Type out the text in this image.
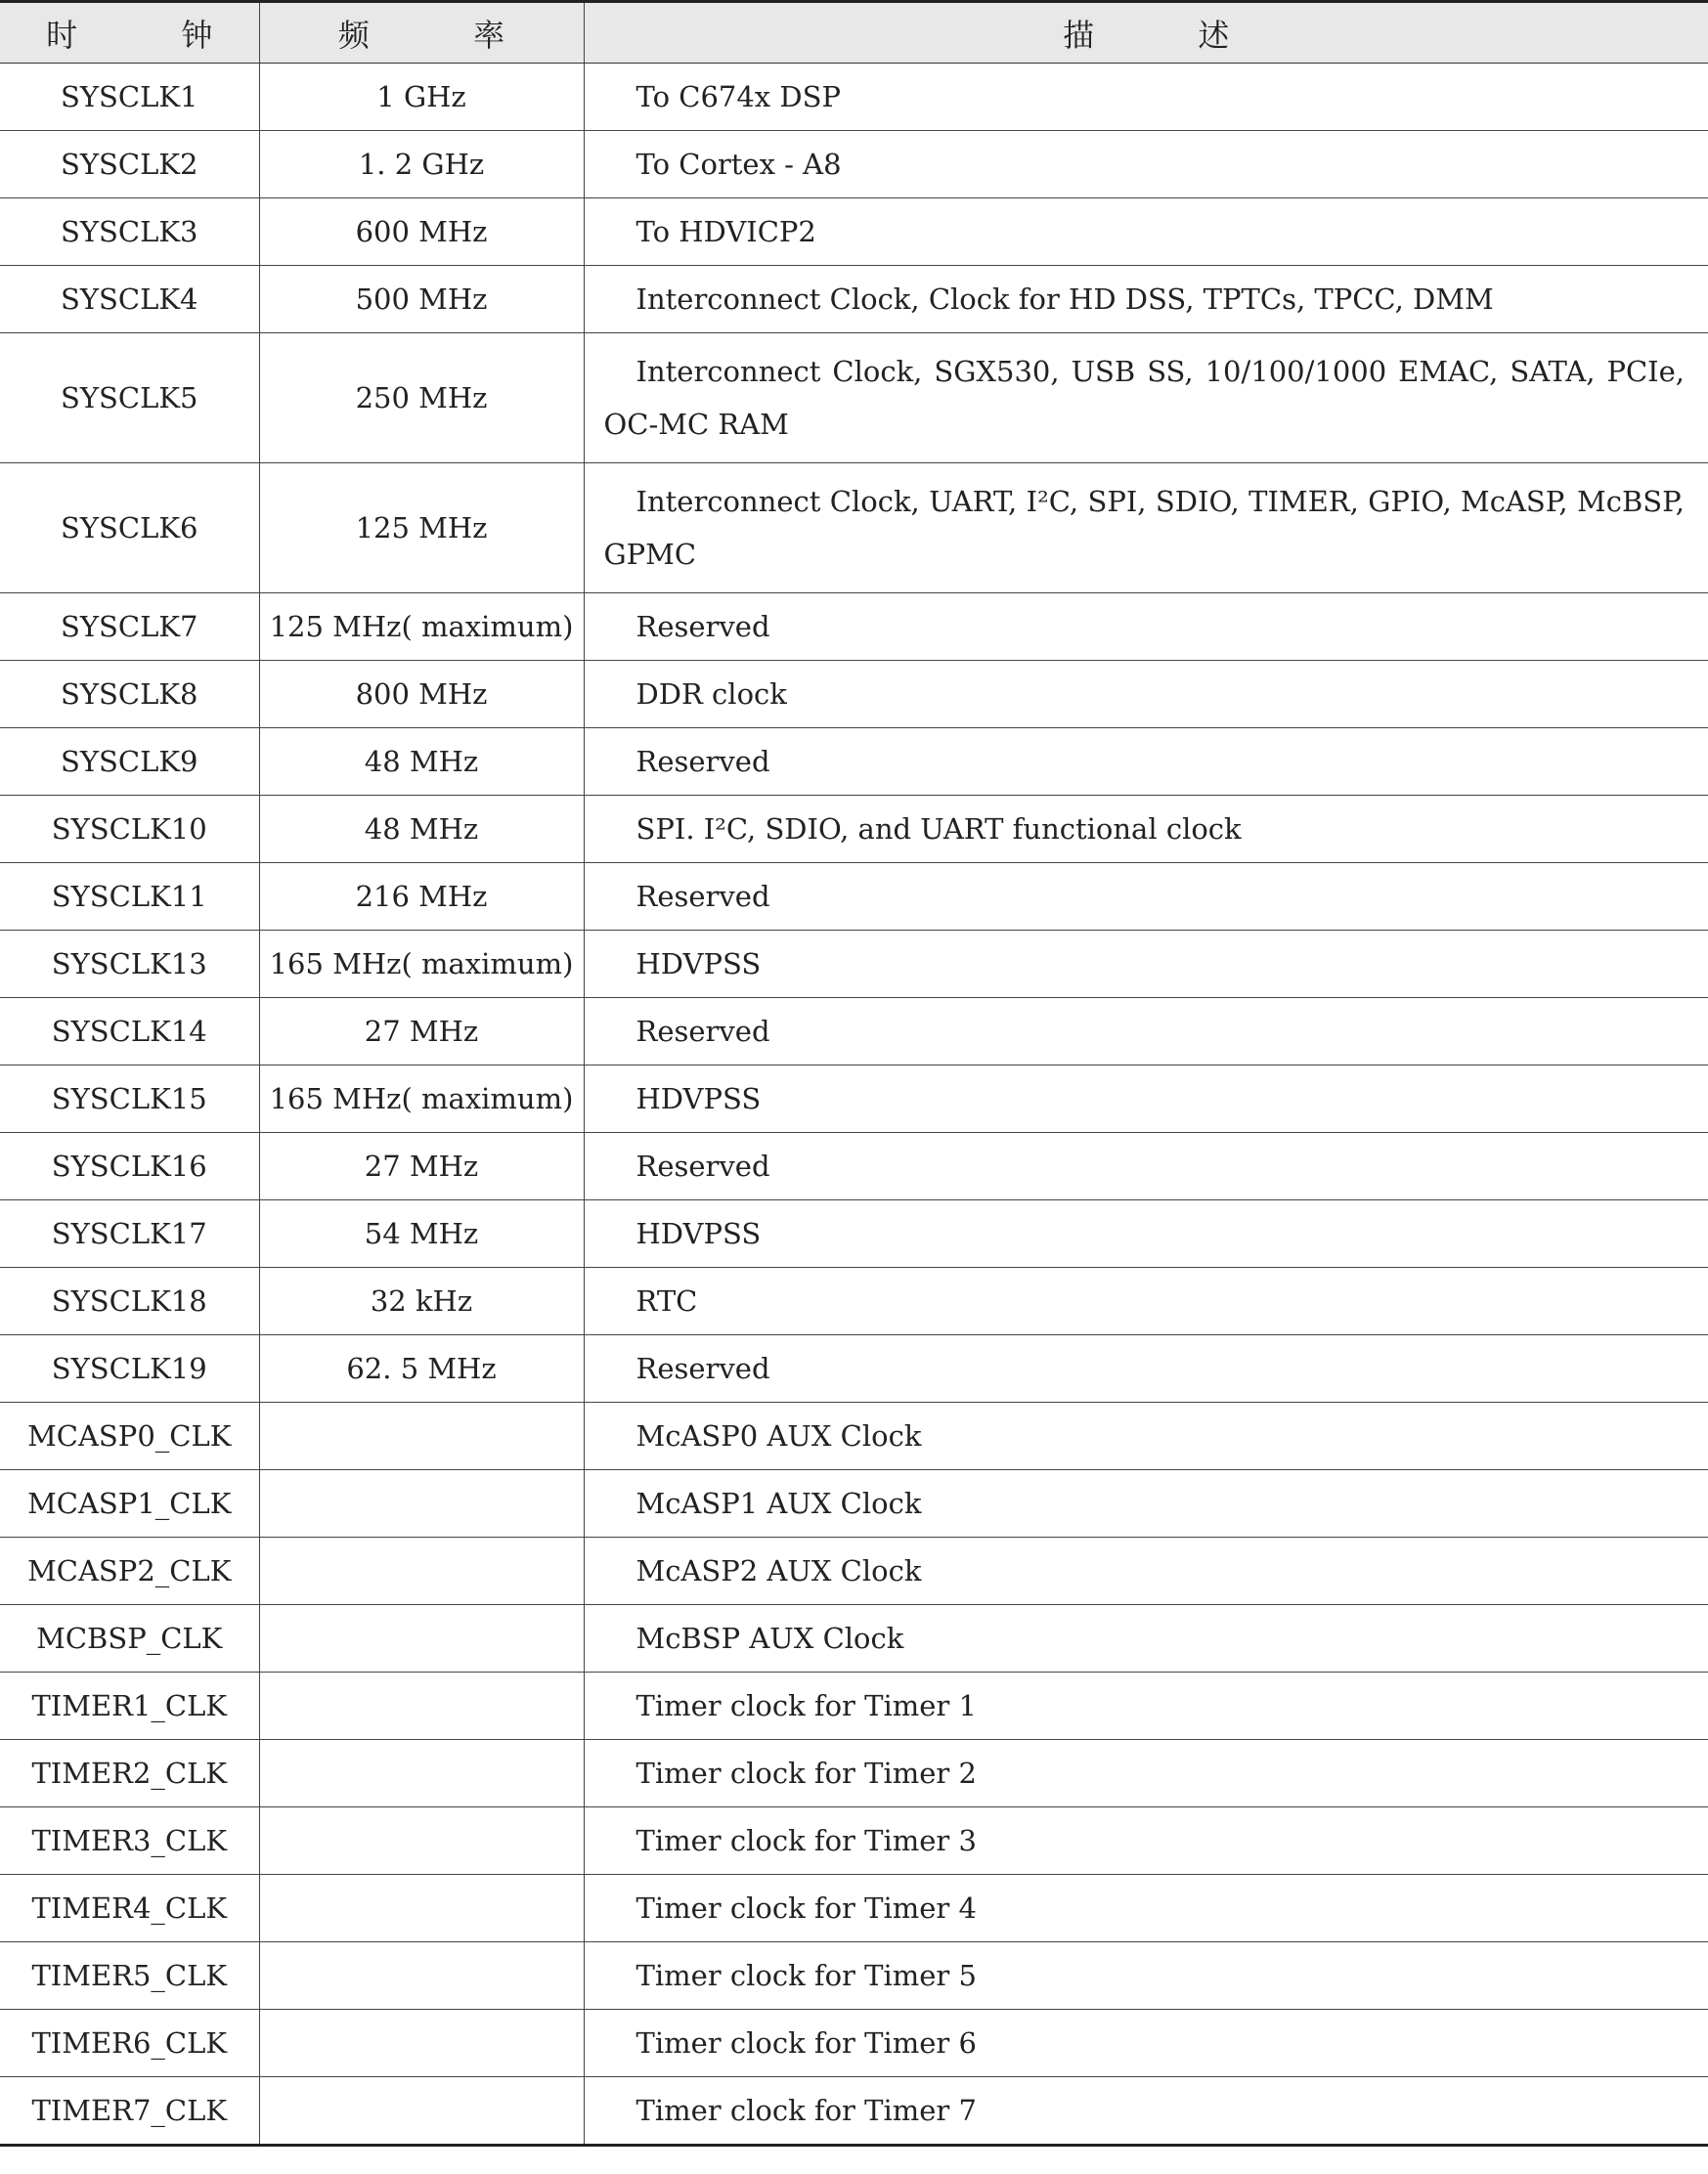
时 钟	频 率	描 述
SYSCLK1	1 GHz	To C674x DSP
SYSCLK2	1. 2 GHz	To Cortex - A8
SYSCLK3	600 MHz	To HDVICP2
SYSCLK4	500 MHz	Interconnect Clock, Clock for HD DSS, TPTCs, TPCC, DMM
SYSCLK5	250 MHz	Interconnect Clock, SGX530, USB SS, 10/100/1000 EMAC, SATA, PCIe, OC-MC RAM
SYSCLK6	125 MHz	Interconnect Clock, UART, I²C, SPI, SDIO, TIMER, GPIO, McASP, McBSP, GPMC
SYSCLK7	125 MHz( maximum)	Reserved
SYSCLK8	800 MHz	DDR clock
SYSCLK9	48 MHz	Reserved
SYSCLK10	48 MHz	SPI. I²C, SDIO, and UART functional clock
SYSCLK11	216 MHz	Reserved
SYSCLK13	165 MHz( maximum)	HDVPSS
SYSCLK14	27 MHz	Reserved
SYSCLK15	165 MHz( maximum)	HDVPSS
SYSCLK16	27 MHz	Reserved
SYSCLK17	54 MHz	HDVPSS
SYSCLK18	32 kHz	RTC
SYSCLK19	62. 5 MHz	Reserved
MCASP0_CLK		McASP0 AUX Clock
MCASP1_CLK		McASP1 AUX Clock
MCASP2_CLK		McASP2 AUX Clock
MCBSP_CLK		McBSP AUX Clock
TIMER1_CLK		Timer clock for Timer 1
TIMER2_CLK		Timer clock for Timer 2
TIMER3_CLK		Timer clock for Timer 3
TIMER4_CLK		Timer clock for Timer 4
TIMER5_CLK		Timer clock for Timer 5
TIMER6_CLK		Timer clock for Timer 6
TIMER7_CLK		Timer clock for Timer 7
